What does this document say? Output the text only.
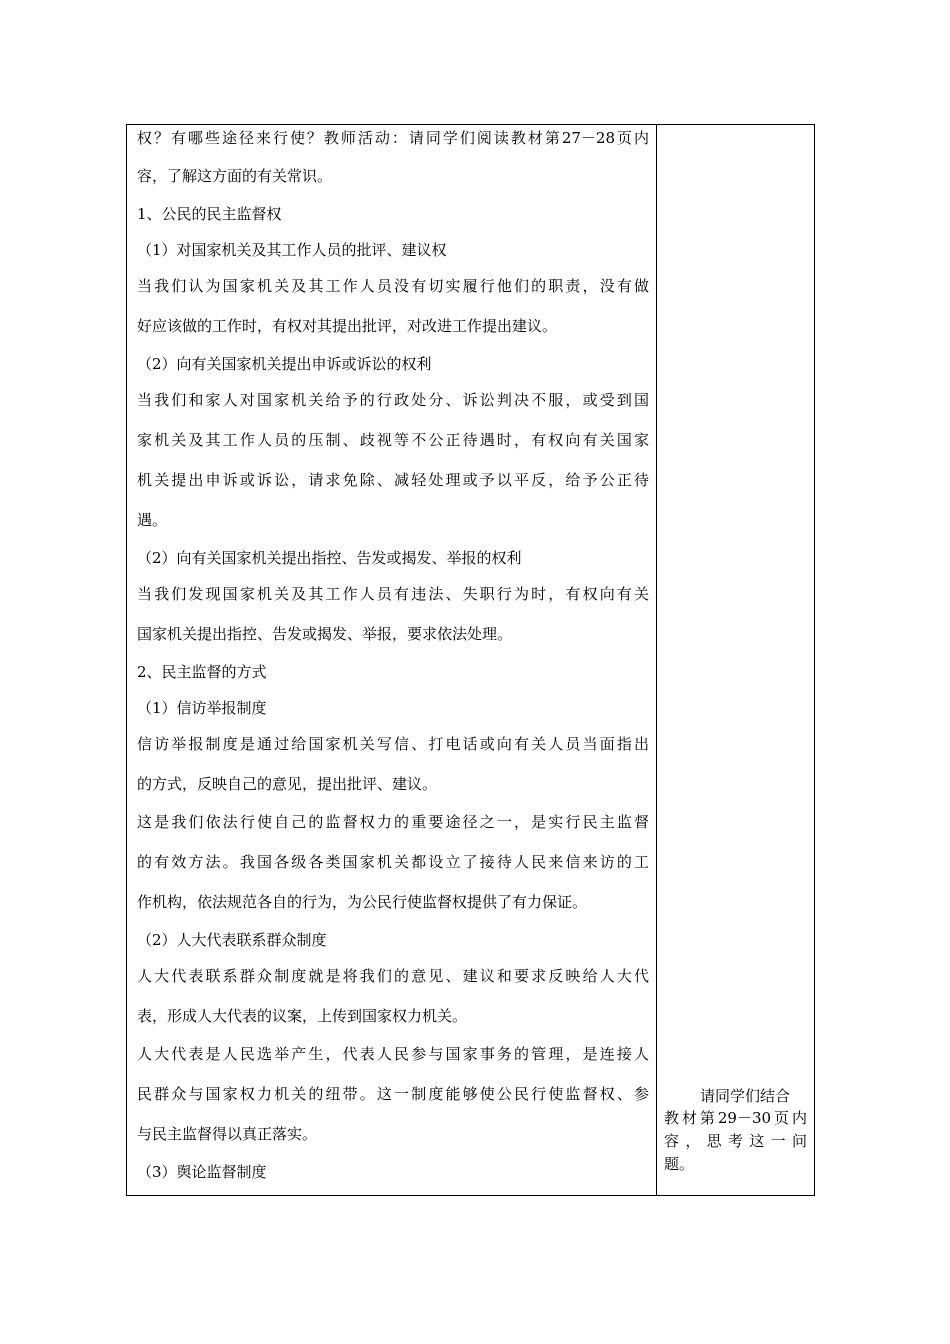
权？有哪些途径来行使？教师活动：请同学们阅读教材第27－28页内
容，了解这方面的有关常识。
1、公民的民主监督权
（1）对国家机关及其工作人员的批评、建议权
当我们认为国家机关及其工作人员没有切实履行他们的职责，没有做
好应该做的工作时，有权对其提出批评，对改进工作提出建议。
（2）向有关国家机关提出申诉或诉讼的权利
当我们和家人对国家机关给予的行政处分、诉讼判决不服，或受到国
家机关及其工作人员的压制、歧视等不公正待遇时，有权向有关国家
机关提出申诉或诉讼，请求免除、减轻处理或予以平反，给予公正待
遇。
（2）向有关国家机关提出指控、告发或揭发、举报的权利
当我们发现国家机关及其工作人员有违法、失职行为时，有权向有关
国家机关提出指控、告发或揭发、举报，要求依法处理。
2、民主监督的方式
（1）信访举报制度
信访举报制度是通过给国家机关写信、打电话或向有关人员当面指出
的方式，反映自己的意见，提出批评、建议。
这是我们依法行使自己的监督权力的重要途径之一，是实行民主监督
的有效方法。我国各级各类国家机关都设立了接待人民来信来访的工
作机构，依法规范各自的行为，为公民行使监督权提供了有力保证。
（2）人大代表联系群众制度
人大代表联系群众制度就是将我们的意见、建议和要求反映给人大代
表，形成人大代表的议案，上传到国家权力机关。
人大代表是人民选举产生，代表人民参与国家事务的管理，是连接人
民群众与国家权力机关的纽带。这一制度能够使公民行使监督权、参
与民主监督得以真正落实。
（3）舆论监督制度
请同学们结合
教材第29－30页内
容，思考这一问
题。
